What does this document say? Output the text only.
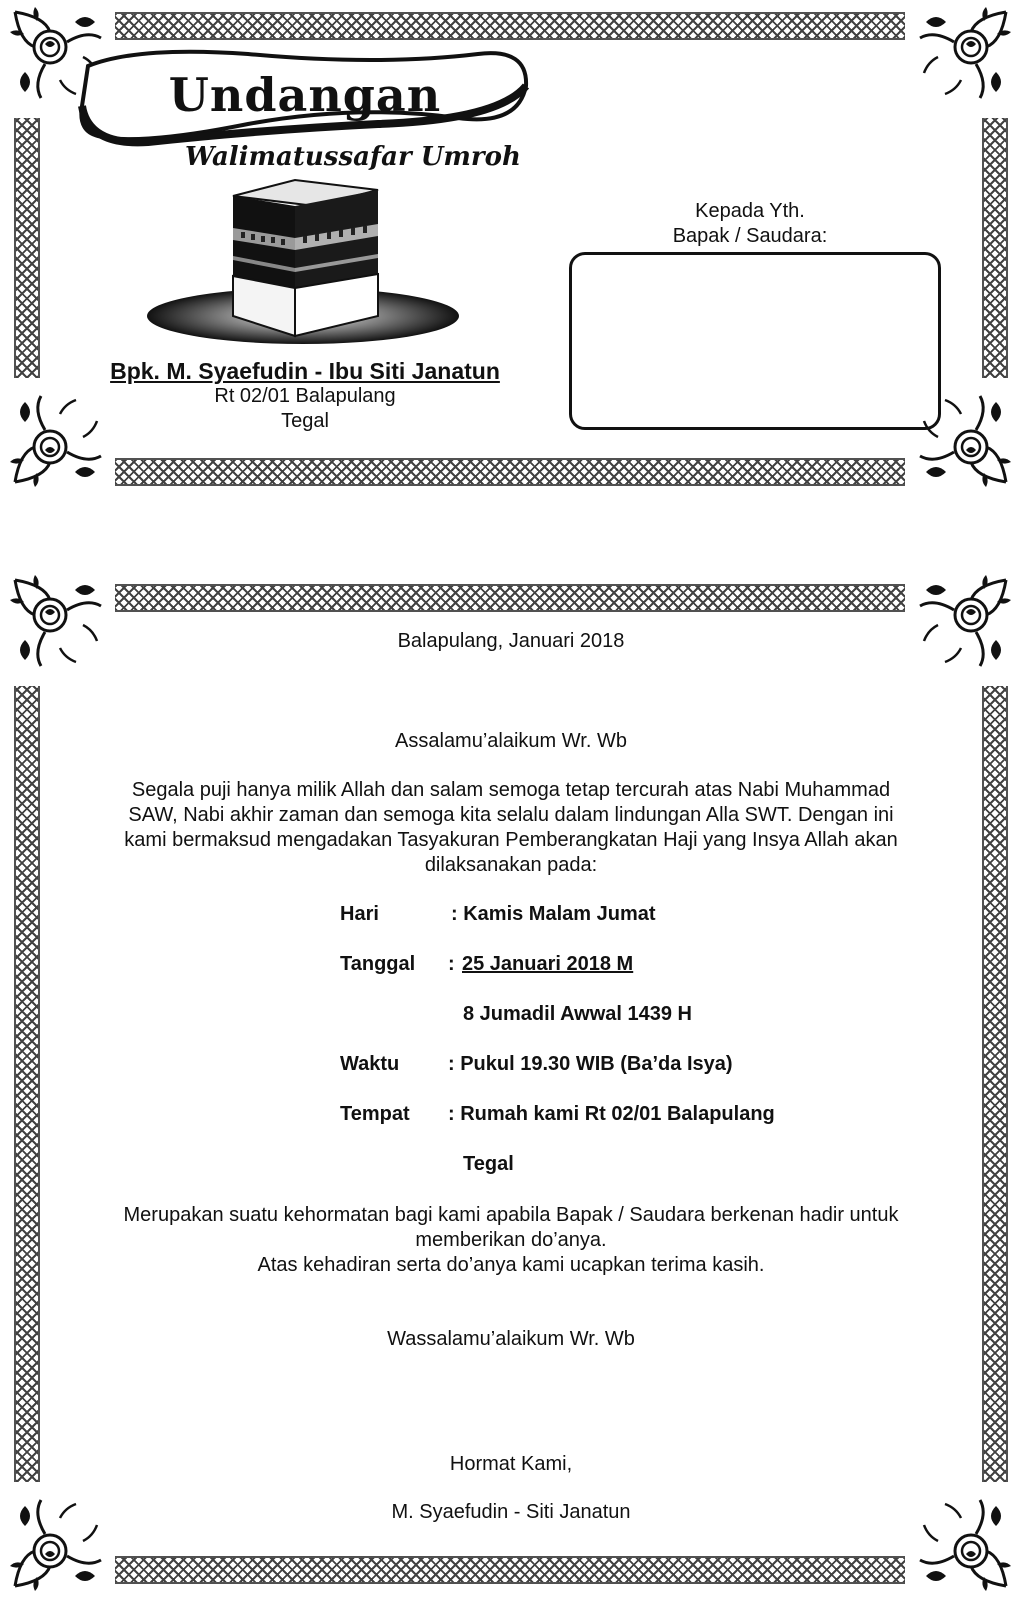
Undangan
Walimatussafar Umroh
Bpk. M. Syaefudin - Ibu Siti Janatun
Rt 02/01 Balapulang
Tegal
Kepada Yth.
Bapak / Saudara:
Balapulang, Januari 2018
Assalamu’alaikum Wr. Wb
Segala puji hanya milik Allah dan salam semoga tetap tercurah atas Nabi Muhammad
SAW, Nabi akhir zaman dan semoga kita selalu dalam lindungan Alla SWT. Dengan ini
kami bermaksud mengadakan Tasyakuran Pemberangkatan Haji yang Insya Allah akan
dilaksanakan pada:
Hari	: Kamis Malam Jumat
Tanggal : 25 Januari 2018 M
8 Jumadil Awwal 1439 H
Waktu : Pukul 19.30 WIB (Ba’da Isya)
Tempat : Rumah kami Rt 02/01 Balapulang
Tegal
Merupakan suatu kehormatan bagi kami apabila Bapak / Saudara berkenan hadir untuk
memberikan do’anya.
Atas kehadiran serta do’anya kami ucapkan terima kasih.
Wassalamu’alaikum Wr. Wb
Hormat Kami,
M. Syaefudin - Siti Janatun
